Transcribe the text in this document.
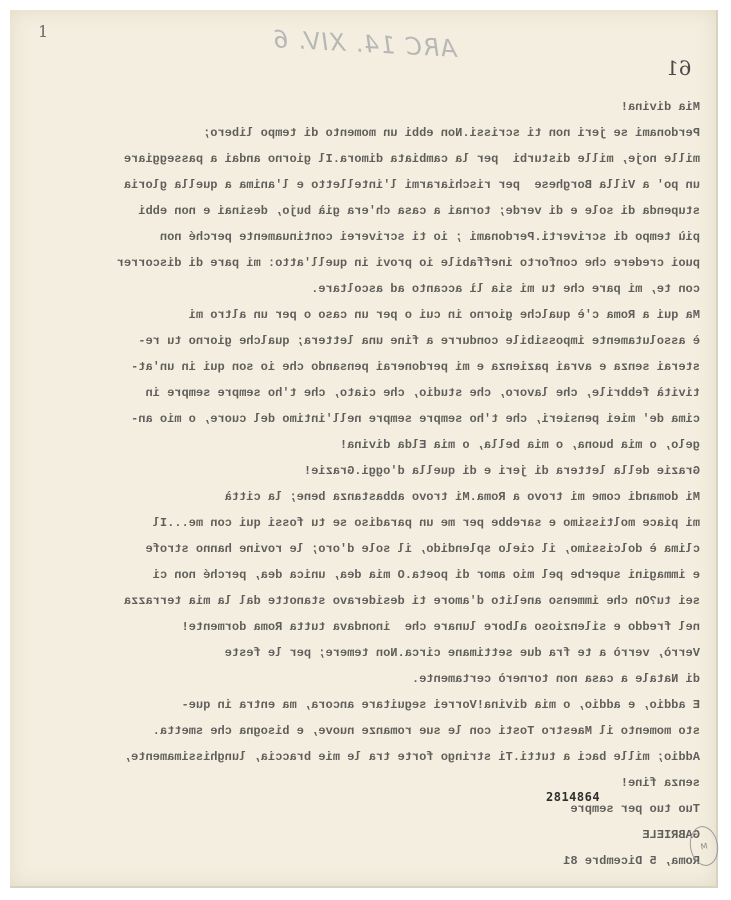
1	ARC 14. XIV. 6
61
Mia divina!
Perdonami se jeri non ti scrissi.Non ebbi un momento di tempo libero;
mille noje, mille disturbi  per la cambiata dimora.Il giorno andai a passeggiare
un po' a Villa Borghese  per rischiararmi l'intelletto e l'anima a quella gloria
stupenda di sole e di verde; tornai a casa ch'era già bujo, desinai e non ebbi
più tempo di scriverti.Perdonami ; io ti scriverei continuamente perché non
puoi credere che conforto ineffabile io provi in quell'atto: mi pare di discorrer
con te, mi pare che tu mi sia lì accanto ad ascoltare.
Ma qui a Roma c'è qualche giorno in cui o per un caso o per un altro mi
è assolutamente impossibile condurre a fine una lettera; qualche giorno tu re-
sterai senza e avrai pazienza e mi perdonerai pensando che io son qui in un'at-
tività febbrile, che lavoro, che studio, che ciato, che t'ho sempre sempre in
cima de' miei pensieri, che t'ho sempre sempre nell'intimo del cuore, o mio an-
gelo, o mia buona, o mia bella, o mia Elda divina!
Grazie della lettera di jeri e di quella d'oggi.Grazie!
Mi domandi come mi trovo a Roma.Mi trovo abbastanza bene; la città
mi piace moltissimo e sarebbe per me un paradiso se tu fossi qui con me...Il
clima è dolcissimo, il cielo splendido, il sole d'oro; le rovine hanno strofe
e immagini superbe pel mio amor di poeta.O mia dea, unica dea, perché non ci
sei tu?On che immenso anelito d'amore ti desideravo stanotte dal la mia terrazza
nel freddo e silenzioso albore lunare che  inondava tutta Roma dormente!
Verrò, verrò a te fra due settimane circa.Non temere; per le feste
di Natale a casa non tornerò certamente.
E addio, e addio, o mia divina!Vorrei seguitare ancora, ma entra in que-
sto momento il Maestro Tosti con le sue romanze nuove, e bisogna che smetta.
Addio; mille baci a tutti.Ti stringo forte tra le mie braccia, lunghissimamente,
senza fine!
Tuo tuo per sempre
GABRIELE
Roma, 5 Dicembre 81
2814864
M
